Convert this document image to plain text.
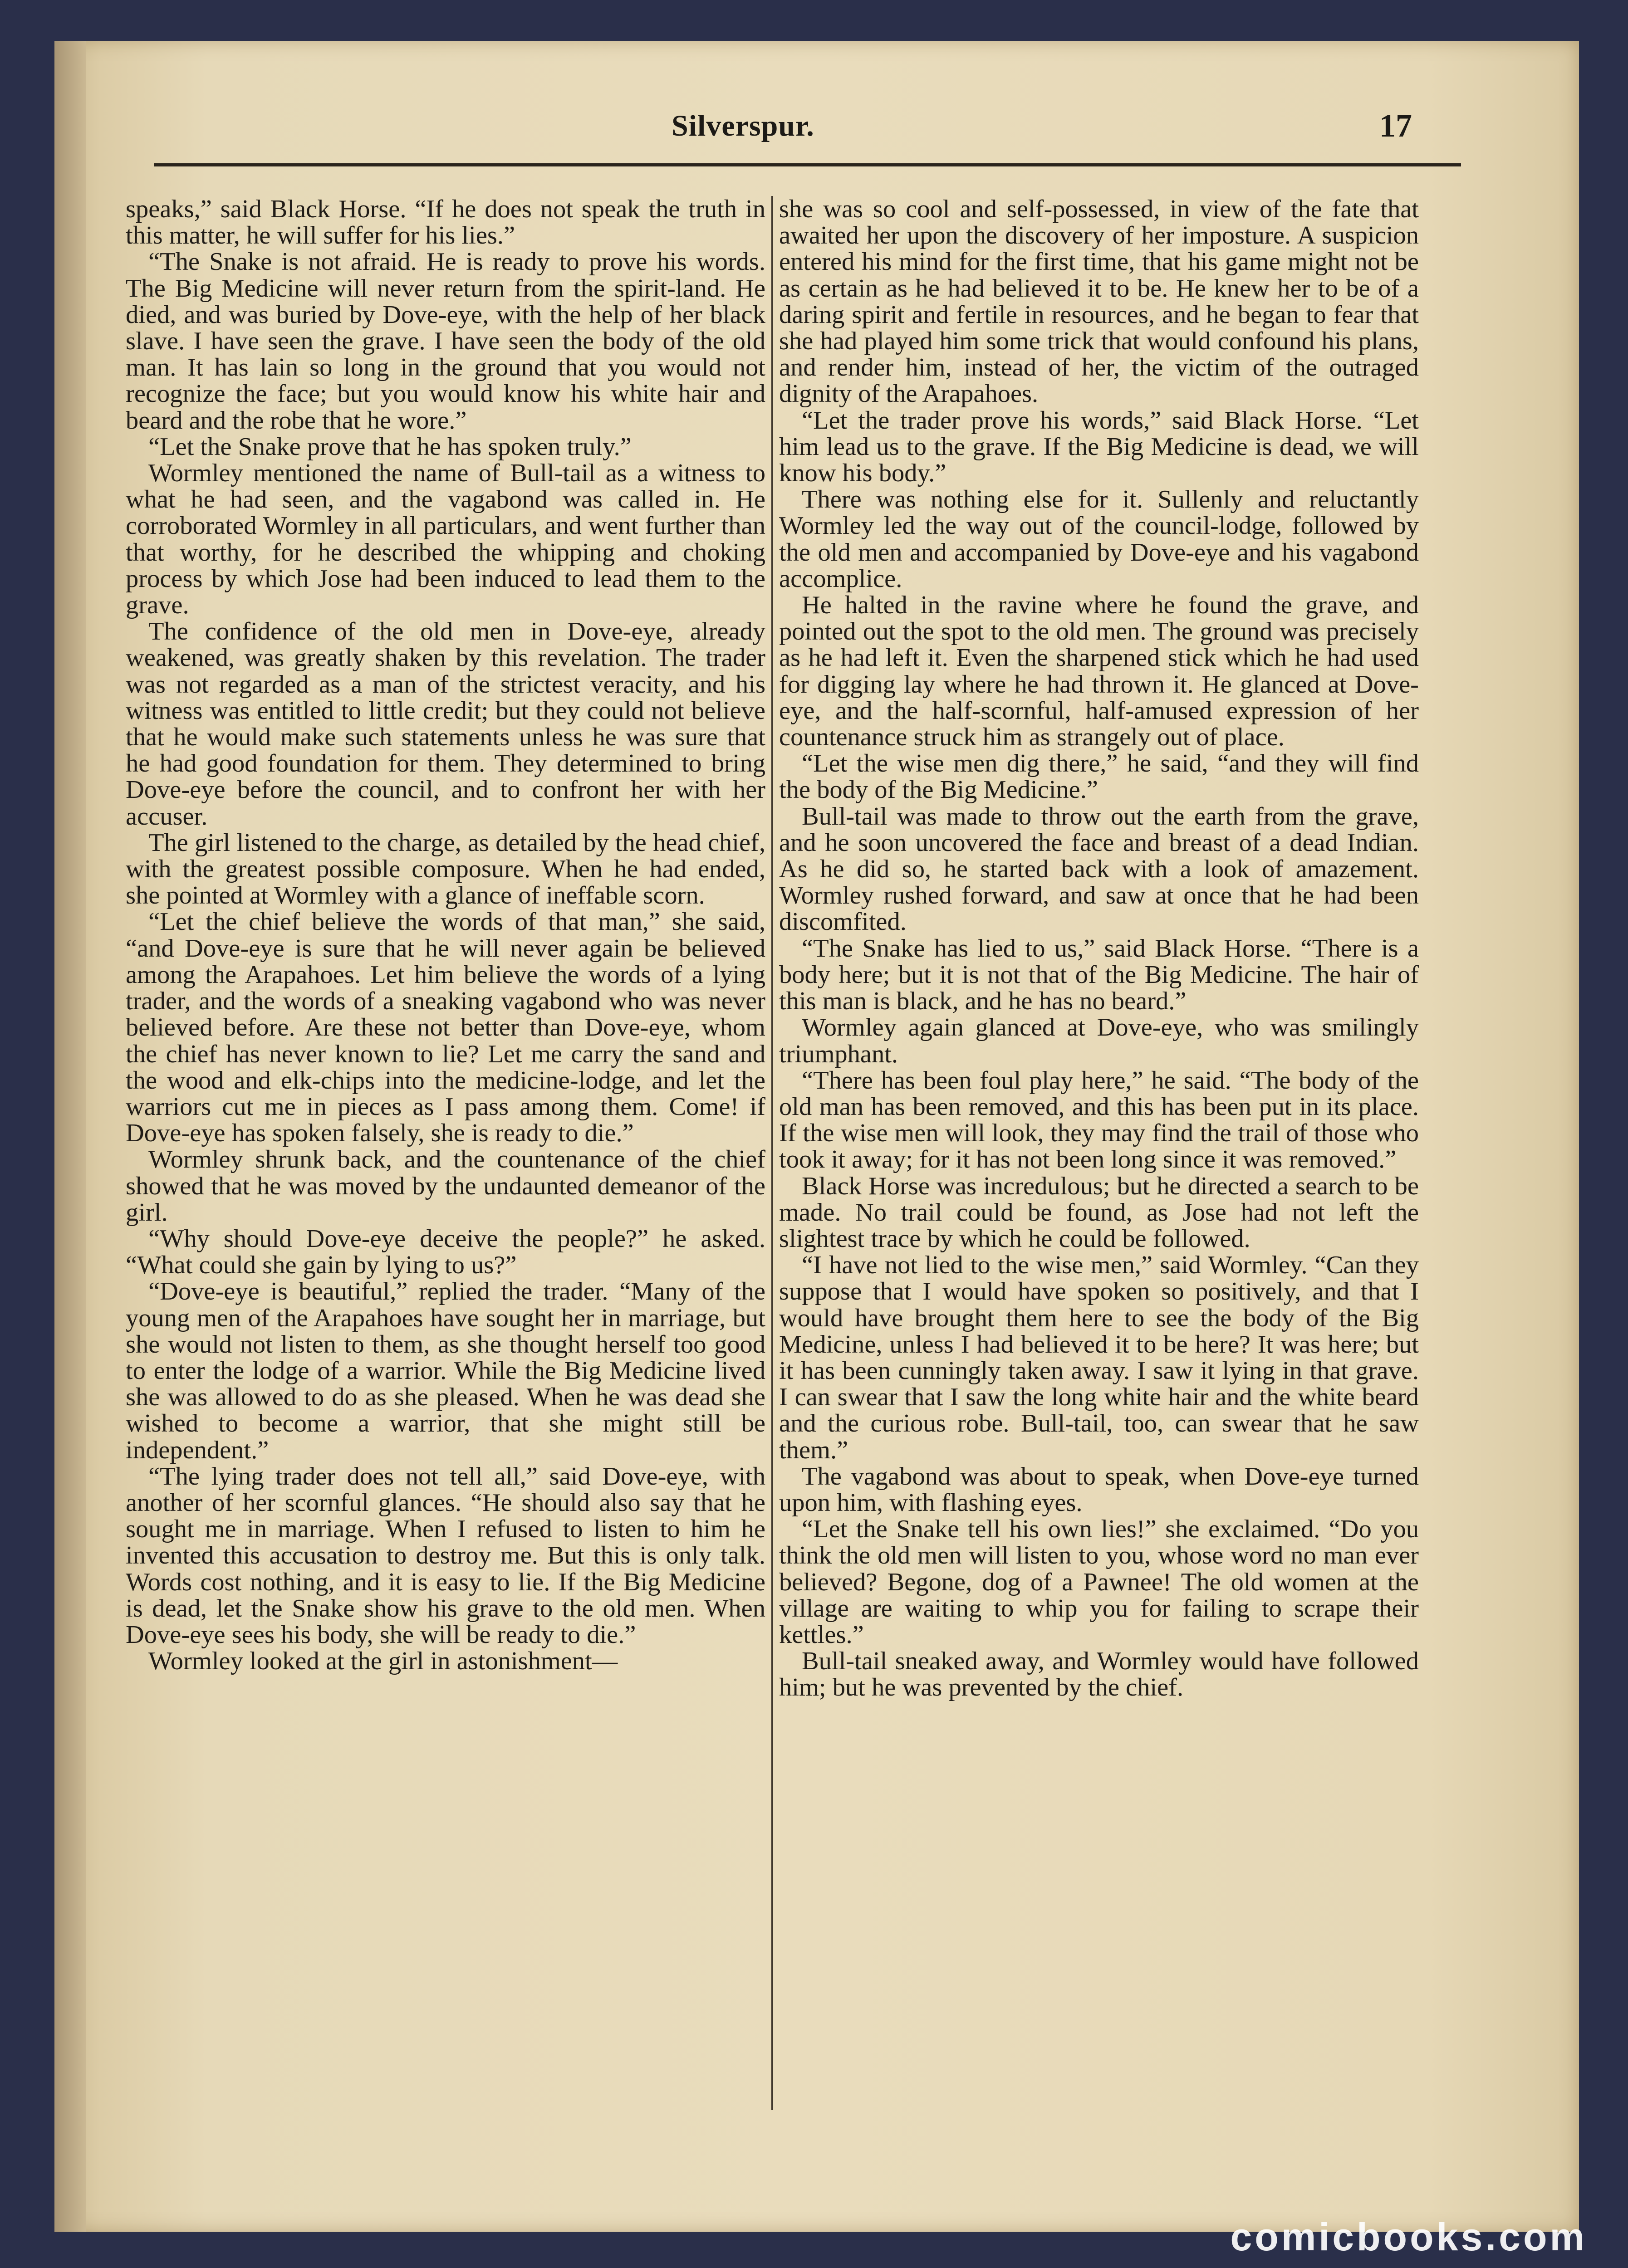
Silverspur.	17

speaks,” said Black Horse. “If he does not speak the truth in this matter, he will suffer for his lies.”

“The Snake is not afraid. He is ready to prove his words. The Big Medicine will never return from the spirit-land. He died, and was buried by Dove-eye, with the help of her black slave. I have seen the grave. I have seen the body of the old man. It has lain so long in the ground that you would not recognize the face; but you would know his white hair and beard and the robe that he wore.”

“Let the Snake prove that he has spoken truly.”

Wormley mentioned the name of Bull-tail as a witness to what he had seen, and the vagabond was called in. He corroborated Wormley in all particulars, and went further than that worthy, for he described the whipping and choking process by which Jose had been induced to lead them to the grave.

The confidence of the old men in Dove-eye, already weakened, was greatly shaken by this revelation. The trader was not regarded as a man of the strictest veracity, and his witness was entitled to little credit; but they could not believe that he would make such statements unless he was sure that he had good foundation for them. They determined to bring Dove-eye before the council, and to confront her with her accuser.

The girl listened to the charge, as detailed by the head chief, with the greatest possible composure. When he had ended, she pointed at Wormley with a glance of ineffable scorn.

“Let the chief believe the words of that man,” she said, “and Dove-eye is sure that he will never again be believed among the Arapahoes. Let him believe the words of a lying trader, and the words of a sneaking vagabond who was never believed before. Are these not better than Dove-eye, whom the chief has never known to lie? Let me carry the sand and the wood and elk-chips into the medicine-lodge, and let the warriors cut me in pieces as I pass among them. Come! if Dove-eye has spoken falsely, she is ready to die.”

Wormley shrunk back, and the countenance of the chief showed that he was moved by the undaunted demeanor of the girl.

“Why should Dove-eye deceive the people?” he asked. “What could she gain by lying to us?”

“Dove-eye is beautiful,” replied the trader. “Many of the young men of the Arapahoes have sought her in marriage, but she would not listen to them, as she thought herself too good to enter the lodge of a warrior. While the Big Medicine lived she was allowed to do as she pleased. When he was dead she wished to become a warrior, that she might still be independent.”

“The lying trader does not tell all,” said Dove-eye, with another of her scornful glances. “He should also say that he sought me in marriage. When I refused to listen to him he invented this accusation to destroy me. But this is only talk. Words cost nothing, and it is easy to lie. If the Big Medicine is dead, let the Snake show his grave to the old men. When Dove-eye sees his body, she will be ready to die.”

Wormley looked at the girl in astonishment—

she was so cool and self-possessed, in view of the fate that awaited her upon the discovery of her imposture. A suspicion entered his mind for the first time, that his game might not be as certain as he had believed it to be. He knew her to be of a daring spirit and fertile in resources, and he began to fear that she had played him some trick that would confound his plans, and render him, instead of her, the victim of the outraged dignity of the Arapahoes.

“Let the trader prove his words,” said Black Horse. “Let him lead us to the grave. If the Big Medicine is dead, we will know his body.”

There was nothing else for it. Sullenly and reluctantly Wormley led the way out of the council-lodge, followed by the old men and accompanied by Dove-eye and his vagabond accomplice.

He halted in the ravine where he found the grave, and pointed out the spot to the old men. The ground was precisely as he had left it. Even the sharpened stick which he had used for digging lay where he had thrown it. He glanced at Dove-eye, and the half-scornful, half-amused expression of her countenance struck him as strangely out of place.

“Let the wise men dig there,” he said, “and they will find the body of the Big Medicine.”

Bull-tail was made to throw out the earth from the grave, and he soon uncovered the face and breast of a dead Indian. As he did so, he started back with a look of amazement. Wormley rushed forward, and saw at once that he had been discomfited.

“The Snake has lied to us,” said Black Horse. “There is a body here; but it is not that of the Big Medicine. The hair of this man is black, and he has no beard.”

Wormley again glanced at Dove-eye, who was smilingly triumphant.

“There has been foul play here,” he said. “The body of the old man has been removed, and this has been put in its place. If the wise men will look, they may find the trail of those who took it away; for it has not been long since it was removed.”

Black Horse was incredulous; but he directed a search to be made. No trail could be found, as Jose had not left the slightest trace by which he could be followed.

“I have not lied to the wise men,” said Wormley. “Can they suppose that I would have spoken so positively, and that I would have brought them here to see the body of the Big Medicine, unless I had believed it to be here? It was here; but it has been cunningly taken away. I saw it lying in that grave. I can swear that I saw the long white hair and the white beard and the curious robe. Bull-tail, too, can swear that he saw them.”

The vagabond was about to speak, when Dove-eye turned upon him, with flashing eyes.

“Let the Snake tell his own lies!” she exclaimed. “Do you think the old men will listen to you, whose word no man ever believed? Begone, dog of a Pawnee! The old women at the village are waiting to whip you for failing to scrape their kettles.”

Bull-tail sneaked away, and Wormley would have followed him; but he was prevented by the chief.

comicbooks.com
